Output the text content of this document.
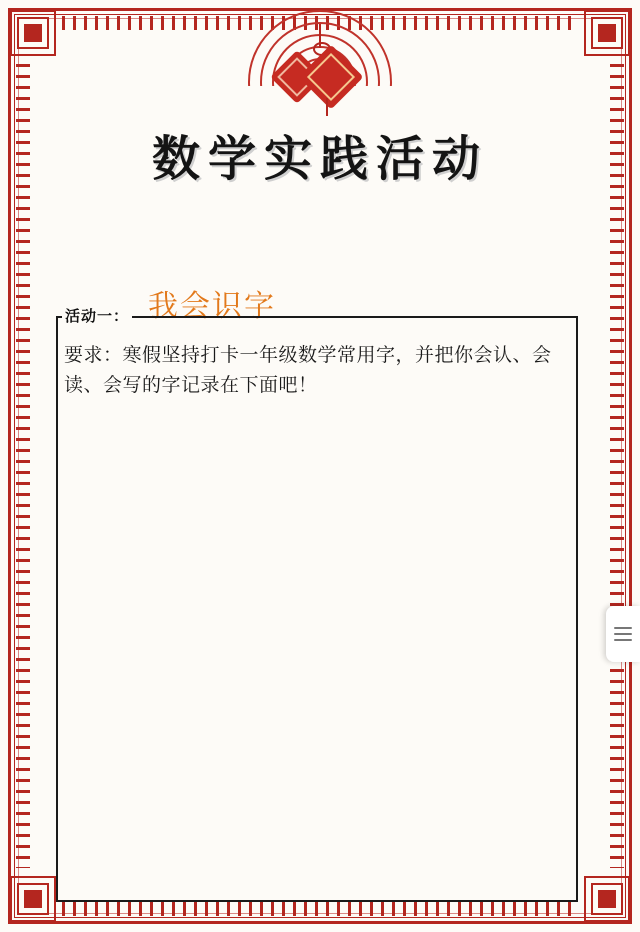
数学实践活动
我会识字
活动一：
要求：寒假坚持打卡一年级数学常用字，并把你会认、会读、会写的字记录在下面吧！
